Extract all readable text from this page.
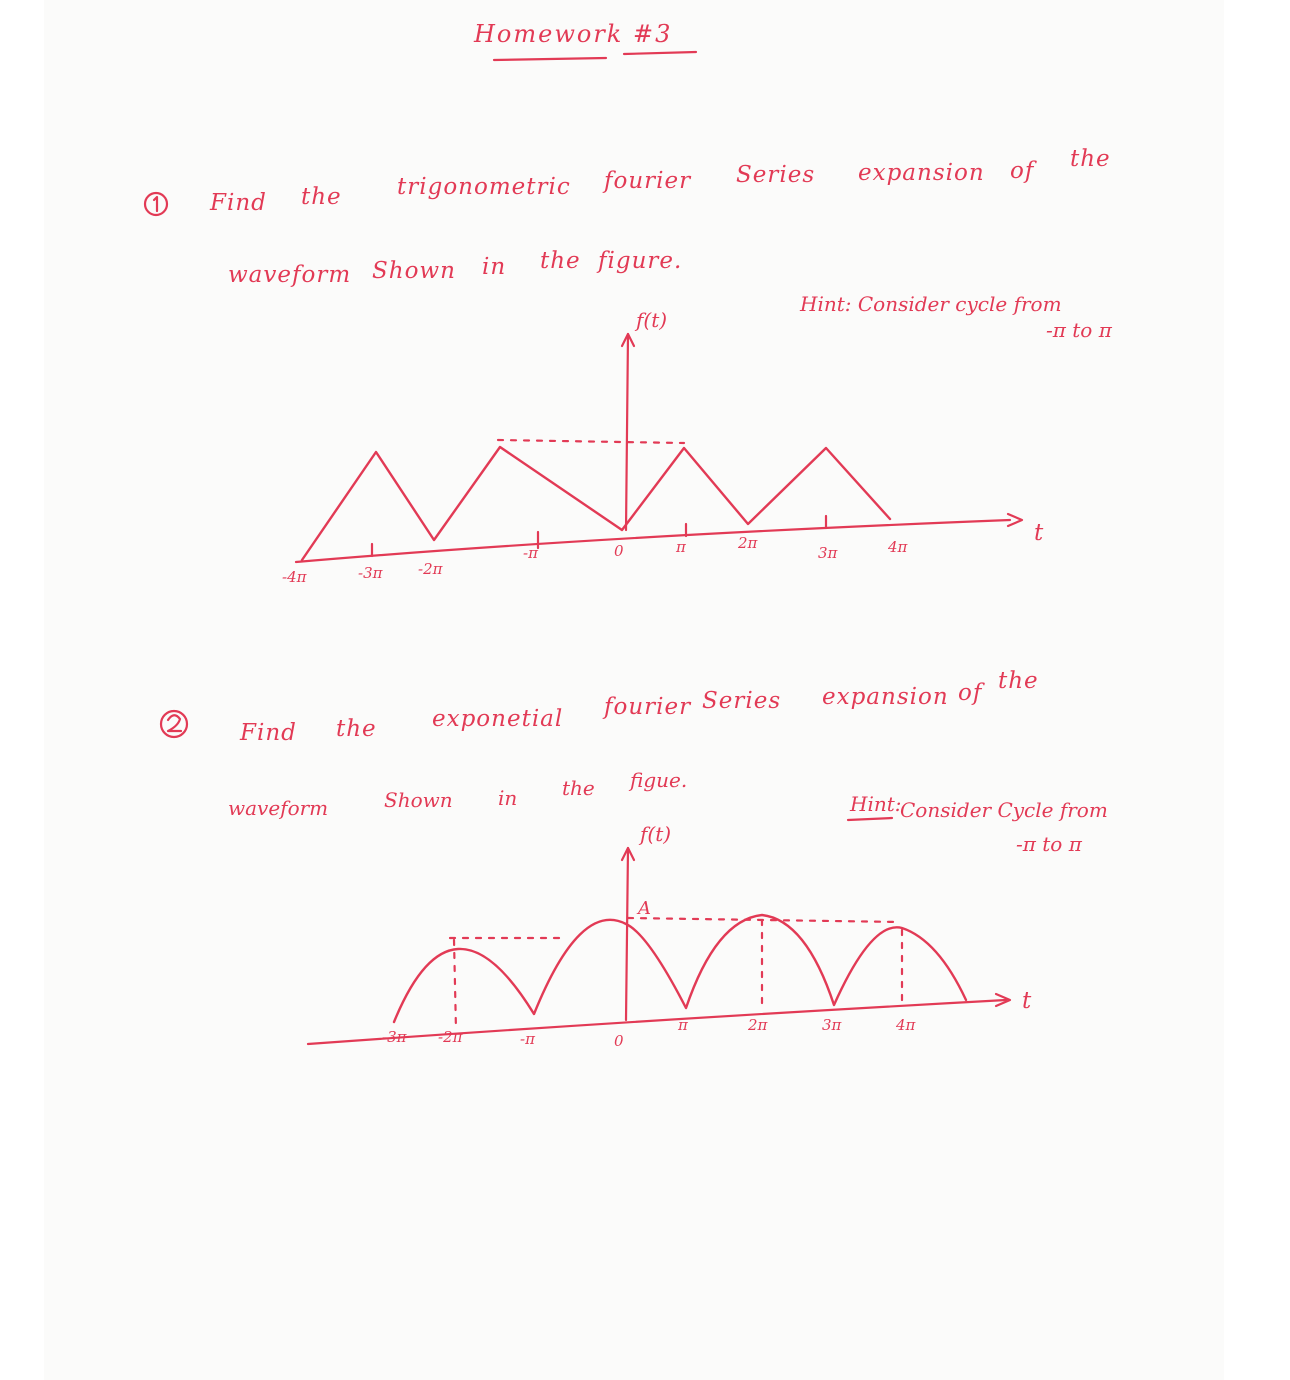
Homework #3
Find the trigonometric fourier Series expansion of the
waveform Shown in the figure.
Hint: Consider cycle from
-π to π
f(t)
t
-4π	-3π -2π
-π	0	π	2π
3π	4π
Find the exponetial fourier Series expansion of the
waveform	Shown in the figue.
Hint:
Consider Cycle from
-π to π
f(t)
A
t
-3π -2π	-π	0
π	2π	3π	4π
